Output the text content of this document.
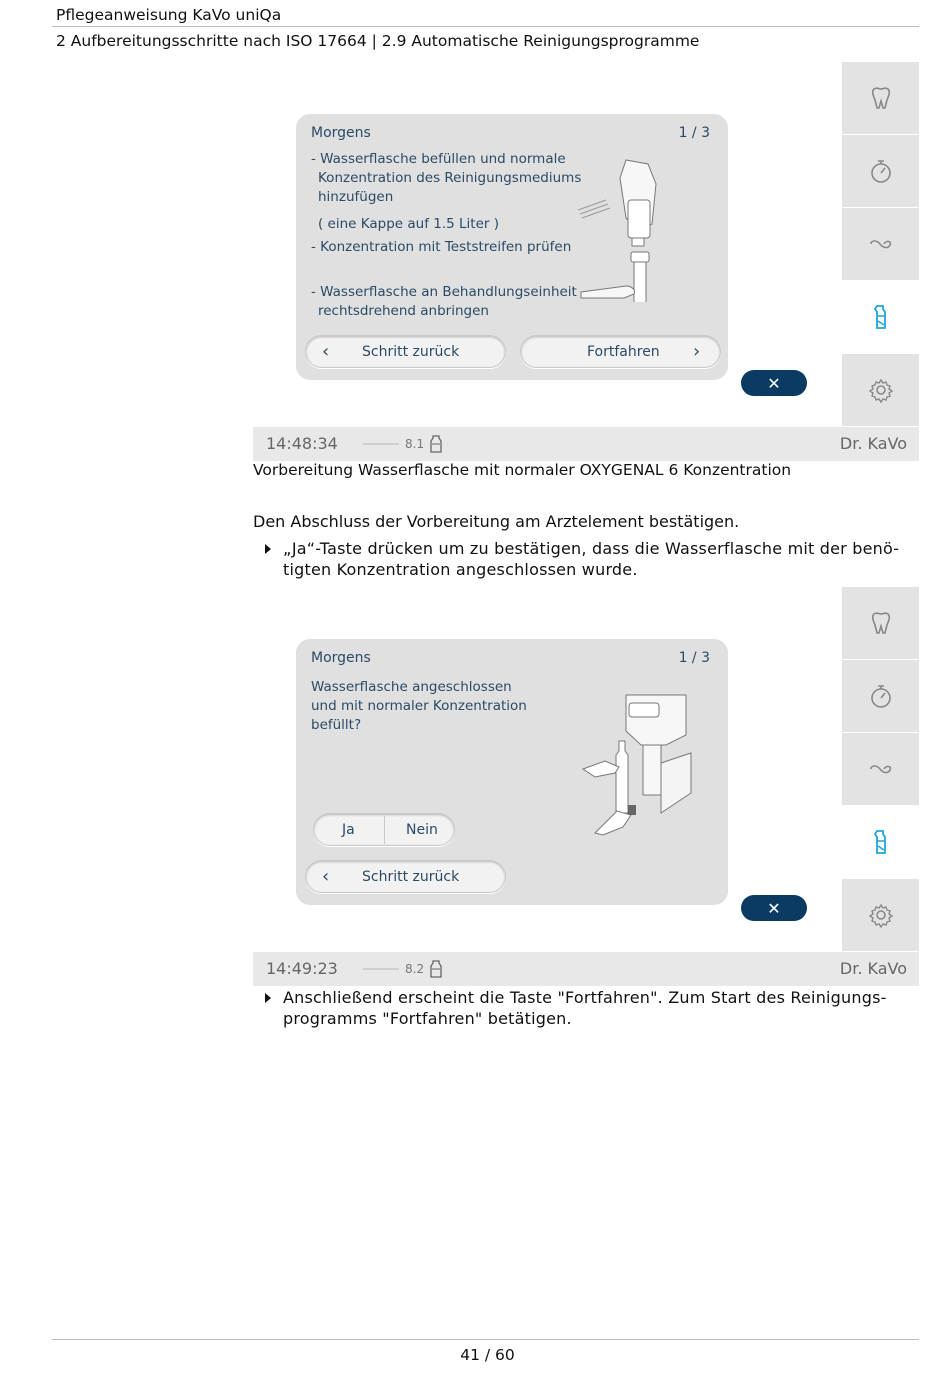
Pflegeanweisung KaVo uniQa
2 Aufbereitungsschritte nach ISO 17664 | 2.9 Automatische Reinigungsprogramme
Morgens	1 / 3
- Wasserflasche befüllen und normale
Konzentration des Reinigungsmediums
hinzufügen
( eine Kappe auf 1.5 Liter )
- Konzentration mit Teststreifen prüfen
- Wasserflasche an Behandlungseinheit
rechtsdrehend anbringen
‹ Schritt zurück	Fortfahren ›
✕
14:48:34	8.1	Dr. KaVo
Vorbereitung Wasserflasche mit normaler OXYGENAL 6 Konzentration
Den Abschluss der Vorbereitung am Arztelement bestätigen.
„Ja“-Taste drücken um zu bestätigen, dass die Wasserflasche mit der benö-
tigten Konzentration angeschlossen wurde.
Morgens	1 / 3
Wasserflasche angeschlossen
und mit normaler Konzentration
befüllt?
Ja	Nein
‹ Schritt zurück
✕
14:49:23	8.2	Dr. KaVo
Anschließend erscheint die Taste "Fortfahren". Zum Start des Reinigungs-
programms "Fortfahren" betätigen.
41 / 60
